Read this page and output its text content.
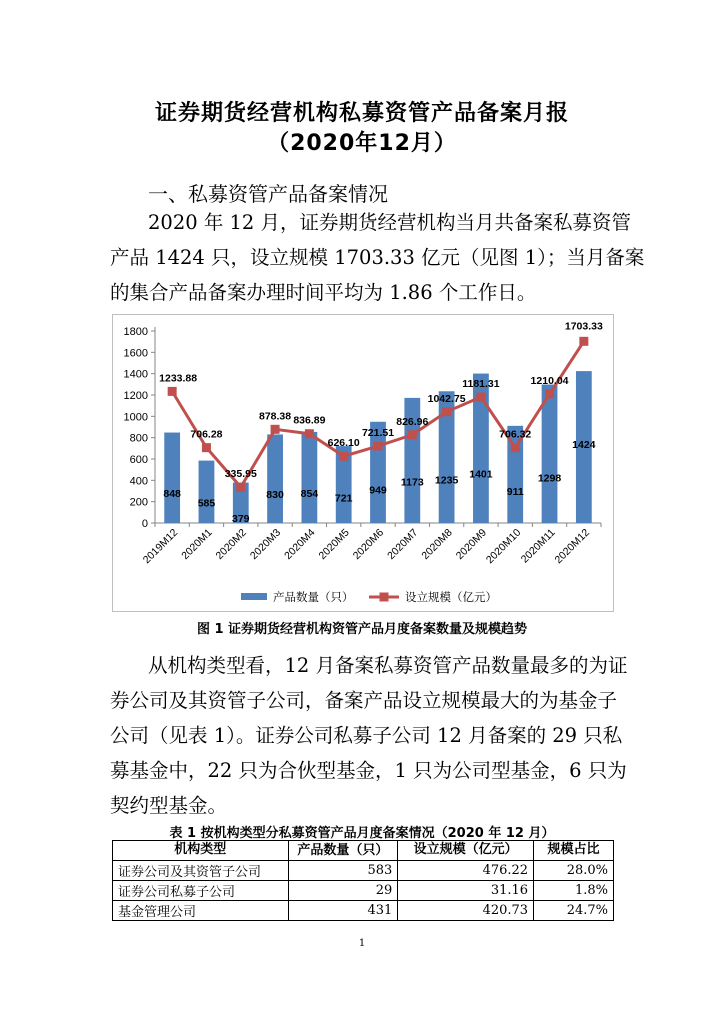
证券期货经营机构私募资管产品备案月报
（2020年12月）
一、私募资管产品备案情况
2020 年 12 月，证券期货经营机构当月共备案私募资管
产品 1424 只，设立规模 1703.33 亿元（见图 1）；当月备案
的集合产品备案办理时间平均为 1.86 个工作日。
0
200
400
600
800
1000
1200
1400
1600
1800
848
585
379
830 854 721
949
1173 1235 1401
911
1298
1424
1233.88
706.28
335.95
878.38 836.89
626.10
721.51
826.96
1042.75
1181.31
706.32
1210.04
1703.33
2019M12
2020M1
2020M2
2020M3
2020M4
2020M5
2020M6
2020M7
2020M8
2020M9
2020M10
2020M11
2020M12
产品数量（只）	设立规模（亿元）
图 1 证券期货经营机构资管产品月度备案数量及规模趋势
从机构类型看，12 月备案私募资管产品数量最多的为证
券公司及其资管子公司，备案产品设立规模最大的为基金子
公司（见表 1）。证券公司私募子公司 12 月备案的 29 只私
募基金中，22 只为合伙型基金，1 只为公司型基金，6 只为
契约型基金。
表 1 按机构类型分私募资管产品月度备案情况（2020 年 12 月）
机构类型	产品数量（只）	设立规模（亿元）	规模占比
证券公司及其资管子公司	583	476.22	28.0%
证券公司私募子公司	29	31.16	1.8%
基金管理公司	431	420.73	24.7%
1
